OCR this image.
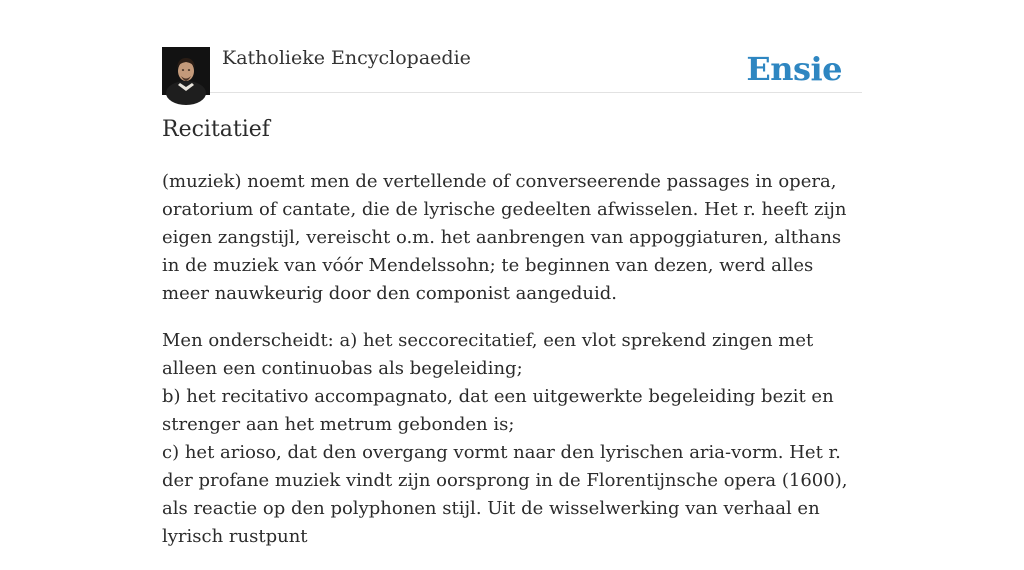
Katholieke Encyclopaedie	Ensie
Recitatief

(muziek) noemt men de vertellende of converseerende passages in opera, oratorium of cantate, die de lyrische gedeelten afwisselen. Het r. heeft zijn eigen zangstijl, vereischt o.m. het aanbrengen van appoggiaturen, althans in de muziek van vóór Mendelssohn; te beginnen van dezen, werd alles meer nauwkeurig door den componist aangeduid.

Men onderscheidt: a) het seccorecitatief, een vlot sprekend zingen met alleen een continuobas als begeleiding;
b) het recitativo accompagnato, dat een uitgewerkte begeleiding bezit en strenger aan het metrum gebonden is;
c) het arioso, dat den overgang vormt naar den lyrischen aria-vorm. Het r. der profane muziek vindt zijn oorsprong in de Florentijnsche opera (1600), als reactie op den polyphonen stijl. Uit de wisselwerking van verhaal en lyrisch rustpunt
